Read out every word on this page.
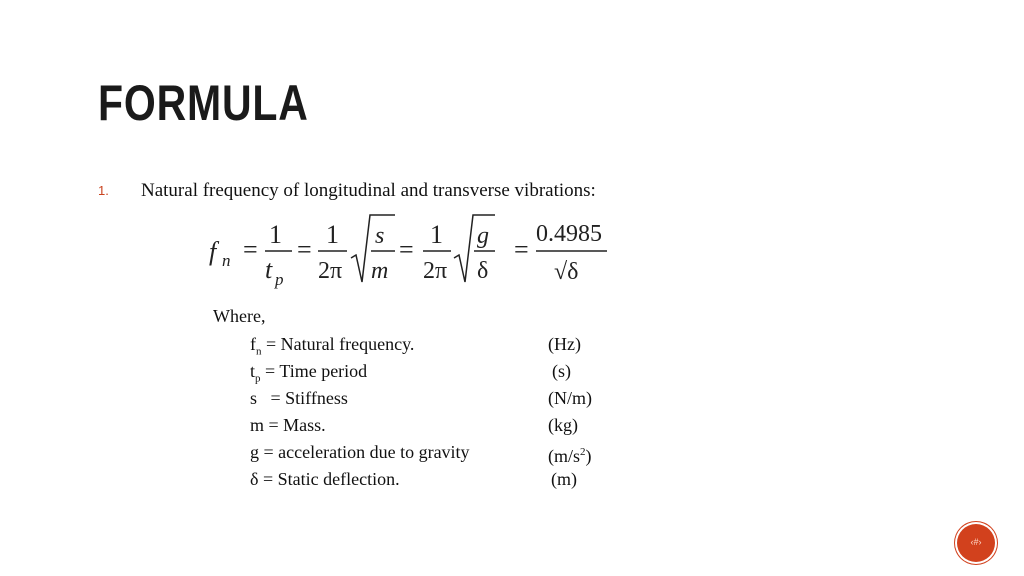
FORMULA
1. Natural frequency of longitudinal and transverse vibrations:
f n =
1
t p
=
1
2π
s
m
=
1
2π
g
δ
=
0.4985
√δ
Where,
$f_n$ = Natural frequency.	(Hz)
$t_p$ = Time period	(s)
s   = Stiffness	(N/m)
m = Mass.	(kg)
g = acceleration due to gravity	$(m/s^2)$
δ = Static deflection.	(m)
‹#›
